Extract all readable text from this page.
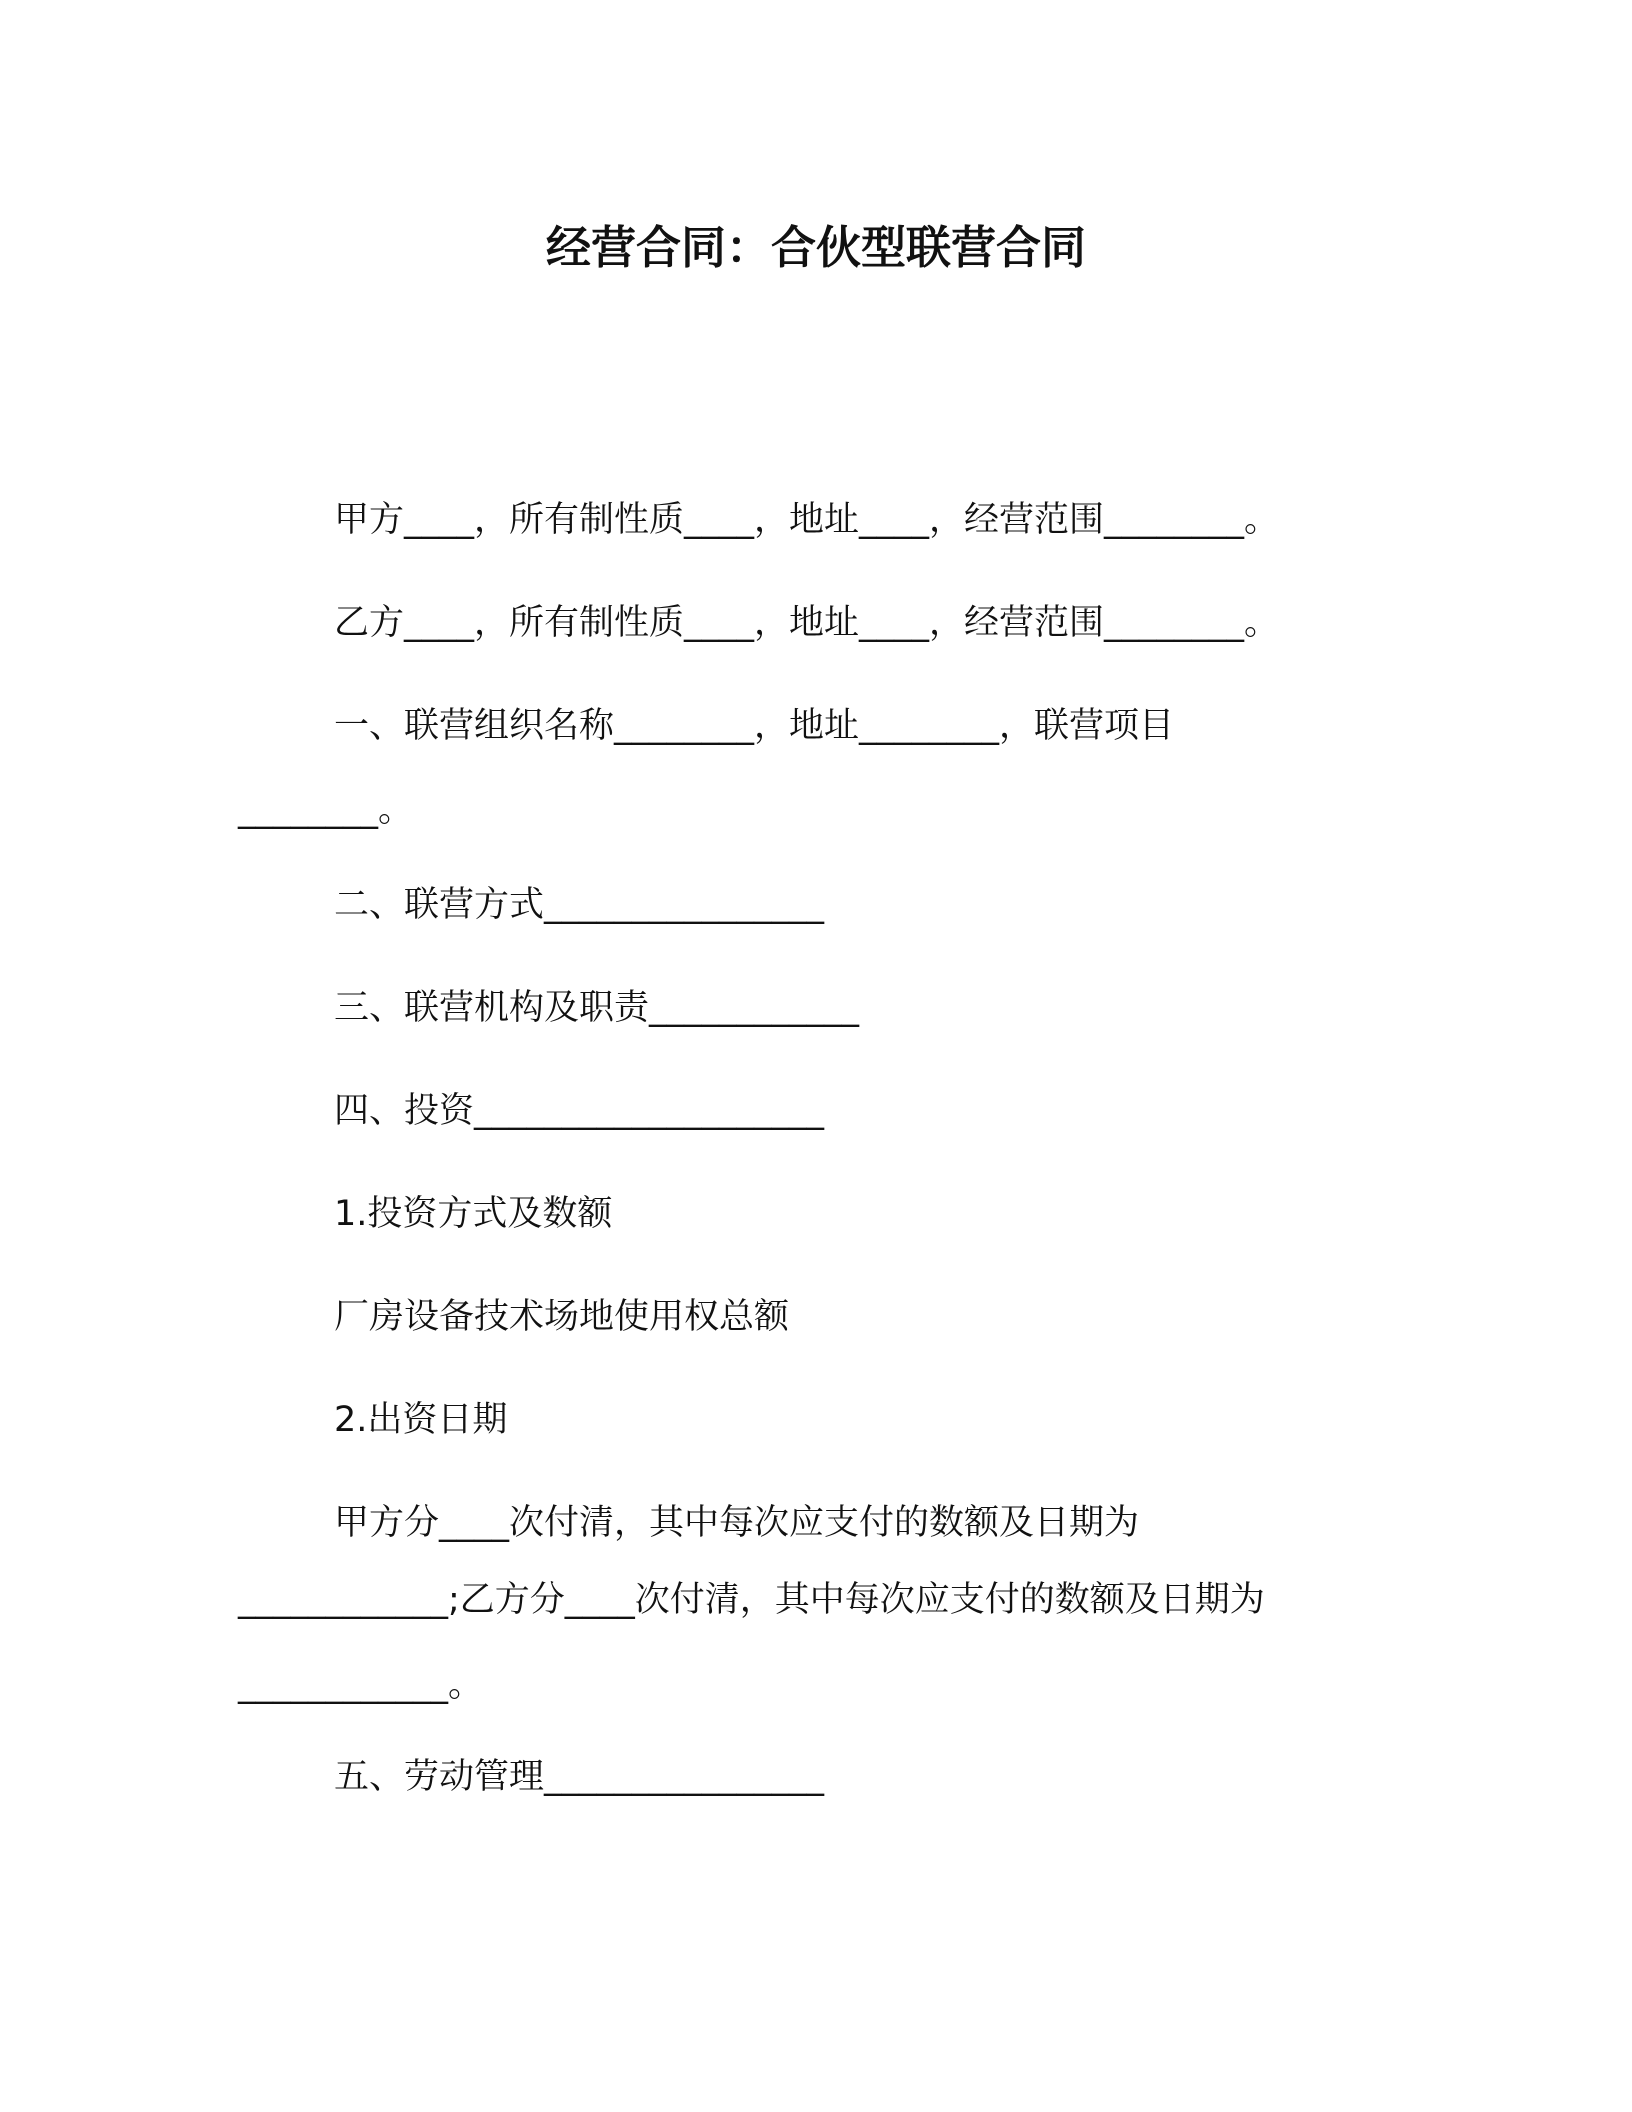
经营合同：合伙型联营合同
甲方____，所有制性质____，地址____，经营范围________。
乙方____，所有制性质____，地址____，经营范围________。
一、联营组织名称________，地址________，联营项目
________。
二、联营方式________________
三、联营机构及职责____________
四、投资____________________
1.投资方式及数额
厂房设备技术场地使用权总额
2.出资日期
甲方分____次付清，其中每次应支付的数额及日期为
____________;乙方分____次付清，其中每次应支付的数额及日期为
____________。
五、劳动管理________________
